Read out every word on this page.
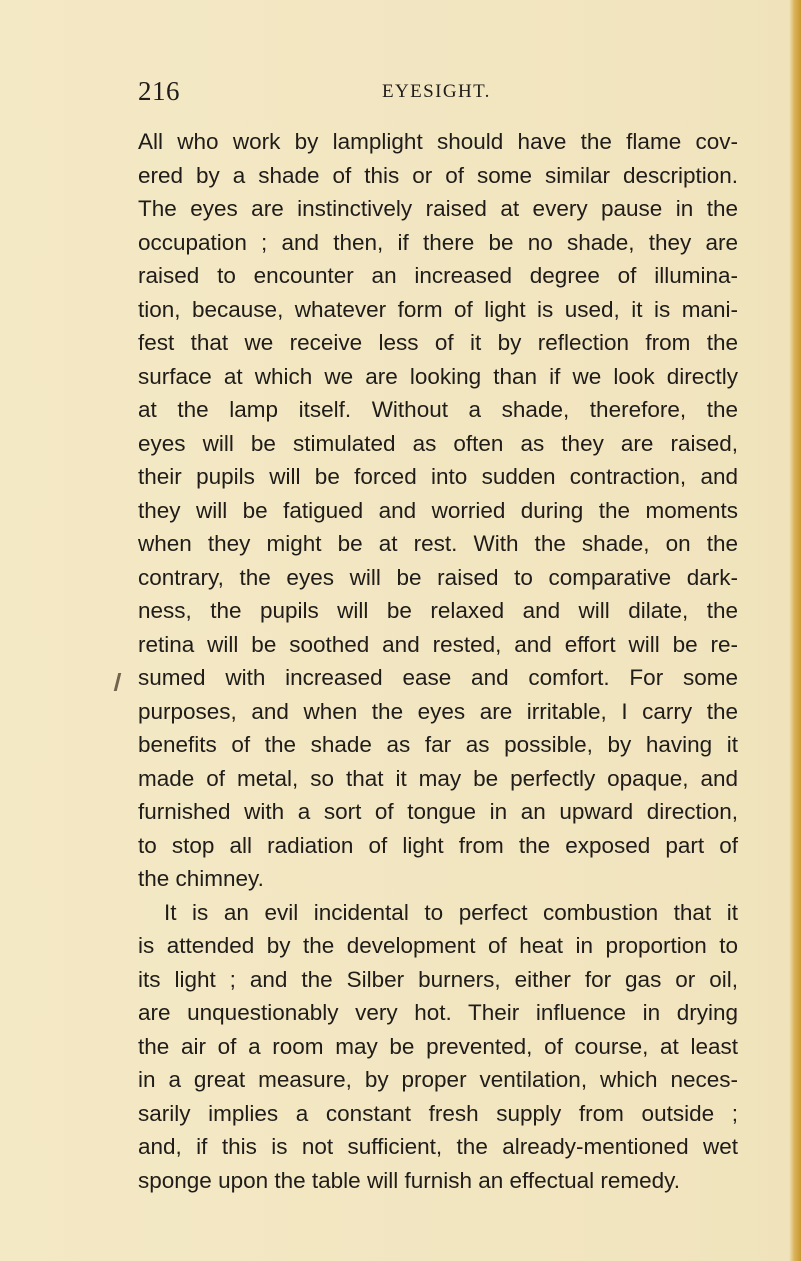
216	EYESIGHT.
All who work by lamplight should have the flame cov-
ered by a shade of this or of some similar description.
The eyes are instinctively raised at every pause in the
occupation ; and then, if there be no shade, they are
raised to encounter an increased degree of illumina-
tion, because, whatever form of light is used, it is mani-
fest that we receive less of it by reflection from the
surface at which we are looking than if we look directly
at the lamp itself. Without a shade, therefore, the
eyes will be stimulated as often as they are raised,
their pupils will be forced into sudden contraction, and
they will be fatigued and worried during the moments
when they might be at rest. With the shade, on the
contrary, the eyes will be raised to comparative dark-
ness, the pupils will be relaxed and will dilate, the
retina will be soothed and rested, and effort will be re-
sumed with increased ease and comfort. For some
purposes, and when the eyes are irritable, I carry the
benefits of the shade as far as possible, by having it
made of metal, so that it may be perfectly opaque, and
furnished with a sort of tongue in an upward direction,
to stop all radiation of light from the exposed part of
the chimney.
It is an evil incidental to perfect combustion that it
is attended by the development of heat in proportion to
its light ; and the Silber burners, either for gas or oil,
are unquestionably very hot. Their influence in drying
the air of a room may be prevented, of course, at least
in a great measure, by proper ventilation, which neces-
sarily implies a constant fresh supply from outside ;
and, if this is not sufficient, the already-mentioned wet
sponge upon the table will furnish an effectual remedy.
